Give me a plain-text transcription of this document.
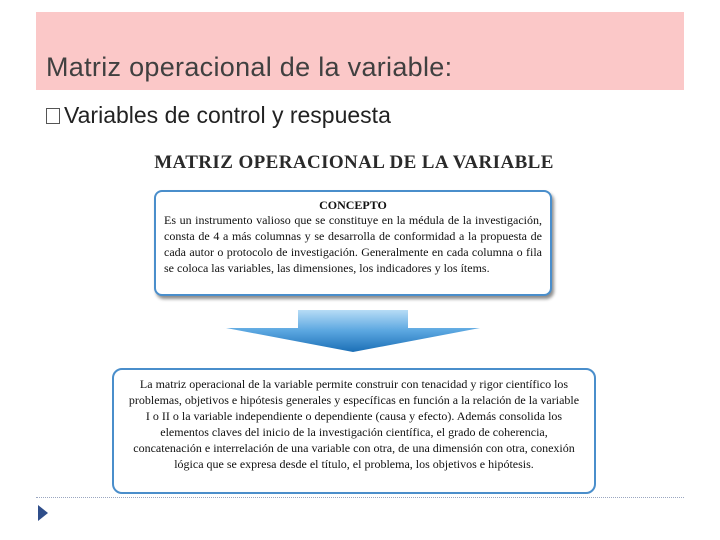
Matriz operacional de la variable:
Variables de control y respuesta
MATRIZ OPERACIONAL DE LA VARIABLE
CONCEPTO
Es un instrumento valioso que se constituye en la médula de la investigación, consta de 4 a más columnas y se desarrolla de conformidad a la propuesta de cada autor o protocolo de investigación. Generalmente en cada columna o fila se coloca las variables, las dimensiones, los indicadores y los ítems.
La matriz operacional de la variable permite construir con tenacidad y rigor científico los problemas, objetivos e hipótesis generales y específicas en función a la relación de la variable I o II o la variable independiente o dependiente (causa y efecto). Además consolida los elementos claves del inicio de la investigación científica, el grado de coherencia, concatenación e interrelación de una variable con otra, de una dimensión con otra, conexión lógica que se expresa desde el título, el problema, los objetivos e hipótesis.
